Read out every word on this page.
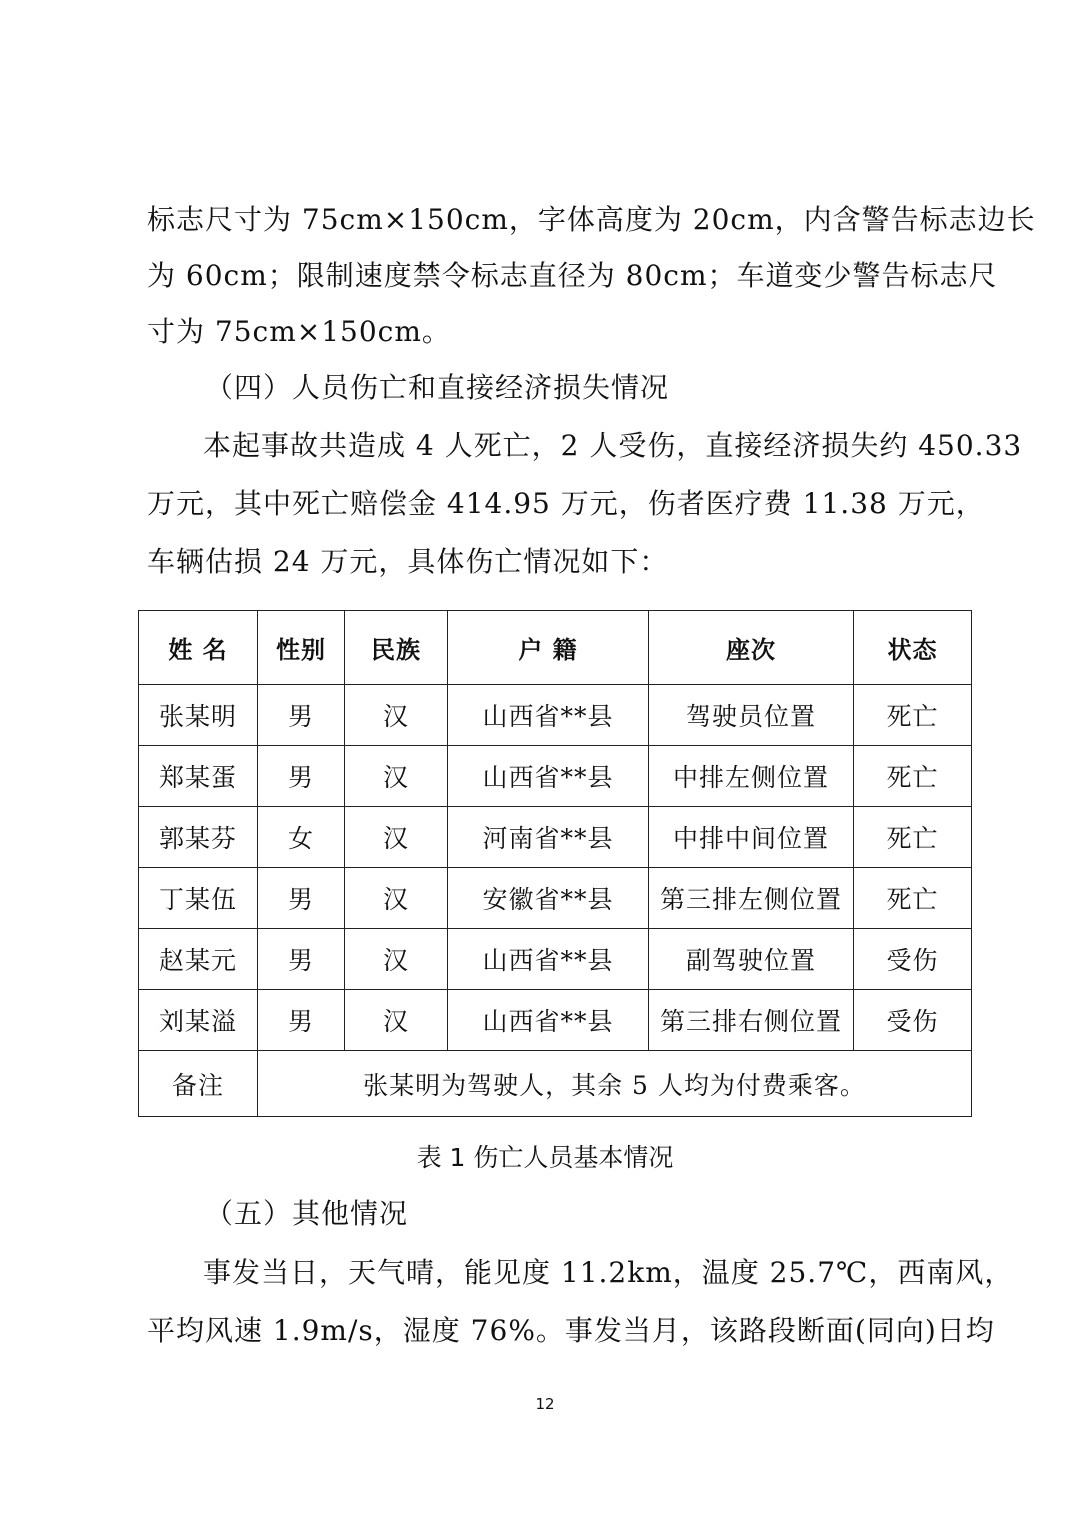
标志尺寸为 75cm×150cm，字体高度为 20cm，内含警告标志边长
为 60cm；限制速度禁令标志直径为 80cm；车道变少警告标志尺
寸为 75cm×150cm。
（四）人员伤亡和直接经济损失情况
本起事故共造成 4 人死亡，2 人受伤，直接经济损失约 450.33
万元，其中死亡赔偿金 414.95 万元，伤者医疗费 11.38 万元，
车辆估损 24 万元，具体伤亡情况如下：
姓 名	性别	民族	户 籍	座次	状态
张某明	男	汉	山西省**县	驾驶员位置	死亡
郑某蛋	男	汉	山西省**县	中排左侧位置	死亡
郭某芬	女	汉	河南省**县	中排中间位置	死亡
丁某伍	男	汉	安徽省**县	第三排左侧位置	死亡
赵某元	男	汉	山西省**县	副驾驶位置	受伤
刘某溢	男	汉	山西省**县	第三排右侧位置	受伤
备注	张某明为驾驶人，其余 5 人均为付费乘客。				
表 1 伤亡人员基本情况
（五）其他情况
事发当日，天气晴，能见度 11.2km，温度 25.7℃，西南风，
平均风速 1.9m/s，湿度 76%。事发当月，该路段断面(同向)日均
12
